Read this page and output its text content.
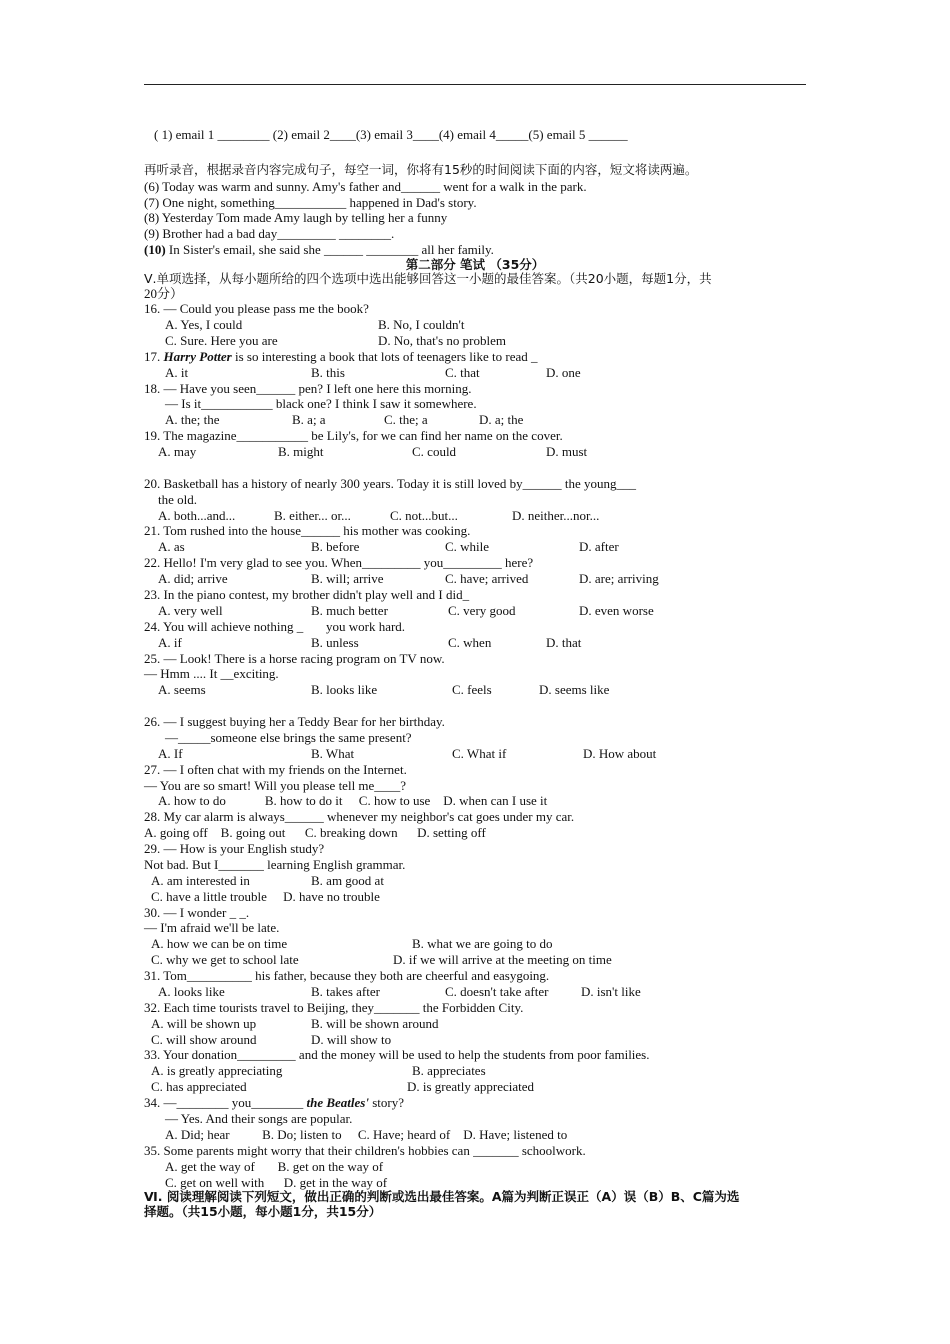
( 1) email 1 ________ (2) email 2____(3) email 3____(4) email 4_____(5) email 5 ______
再听录音，根据录音内容完成句子，每空一词，你将有15秒的时间阅读下面的内容，短文将读两遍。
(6) Today was warm and sunny. Amy's father and______ went for a walk in the park.
(7) One night, something___________ happened in Dad's story.
(8) Yesterday Tom made Amy laugh by telling her a funny
(9) Brother had a bad day_________ ________.
(10) In Sister's email, she said she ______ ________ all her family.
第二部分 笔试 （35分）
Ⅴ.单项选择，从每小题所给的四个选项中选出能够回答这一小题的最佳答案。（共20小题，每题1分，共
20分）
16. — Could you please pass me the book?
A. Yes, I could	B. No, I couldn't
C. Sure. Here you are	D. No, that's no problem
17. Harry Potter is so interesting a book that lots of teenagers like to read _
A. it	B. this	C. that	D. one
18. — Have you seen______ pen? I left one here this morning.
— Is it___________ black one? I think I saw it somewhere.
A. the; the	B. a; a	C. the; a	D. a; the
19. The magazine___________ be Lily's, for we can find her name on the cover.
A. may	B. might	C. could	D. must
20. Basketball has a history of nearly 300 years. Today it is still loved by______ the young___
the old.
A. both...and...	B. either... or...	C. not...but...	D. neither...nor...
21. Tom rushed into the house______ his mother was cooking.
A. as	B. before	C. while	D. after
22. Hello! I'm very glad to see you. When_________ you_________ here?
A. did; arrive	B. will; arrive	C. have; arrived	D. are; arriving
23. In the piano contest, my brother didn't play well and I did_
A. very well	B. much better	C. very good	D. even worse
24. You will achieve nothing _       you work hard.
A. if	B. unless	C. when	D. that
25. — Look! There is a horse racing program on TV now.
— Hmm .... It __exciting.
A. seems	B. looks like	C. feels	D. seems like
26. — I suggest buying her a Teddy Bear for her birthday.
—_____someone else brings the same present?
A. If	B. What	C. What if	D. How about
27. — I often chat with my friends on the Internet.
— You are so smart! Will you please tell me____?
A. how to do            B. how to do it     C. how to use    D. when can I use it
28. My car alarm is always______ whenever my neighbor's cat goes under my car.
A. going off    B. going out      C. breaking down      D. setting off
29. — How is your English study?
Not bad. But I_______ learning English grammar.
A. am interested in	B. am good at
C. have a little trouble     D. have no trouble
30. — I wonder _ _.
— I'm afraid we'll be late.
A. how we can be on time	B. what we are going to do
C. why we get to school late	D. if we will arrive at the meeting on time
31. Tom__________ his father, because they both are cheerful and easygoing.
A. looks like	B. takes after	C. doesn't take after	D. isn't like
32. Each time tourists travel to Beijing, they_______ the Forbidden City.
A. will be shown up	B. will be shown around
C. will show around	D. will show to
33. Your donation_________ and the money will be used to help the students from poor families.
A. is greatly appreciating	B. appreciates
C. has appreciated	D. is greatly appreciated
34. —________ you________ the Beatles' story?
— Yes. And their songs are popular.
A. Did; hear          B. Do; listen to     C. Have; heard of    D. Have; listened to
35. Some parents might worry that their children's hobbies can _______ schoolwork.
A. get the way of       B. get on the way of
C. get on well with      D. get in the way of
Ⅵ. 阅读理解阅读下列短文，做出正确的判断或选出最佳答案。A篇为判断正误正（A）误（B）B、C篇为选
择题。（共15小题，每小题1分，共15分）
